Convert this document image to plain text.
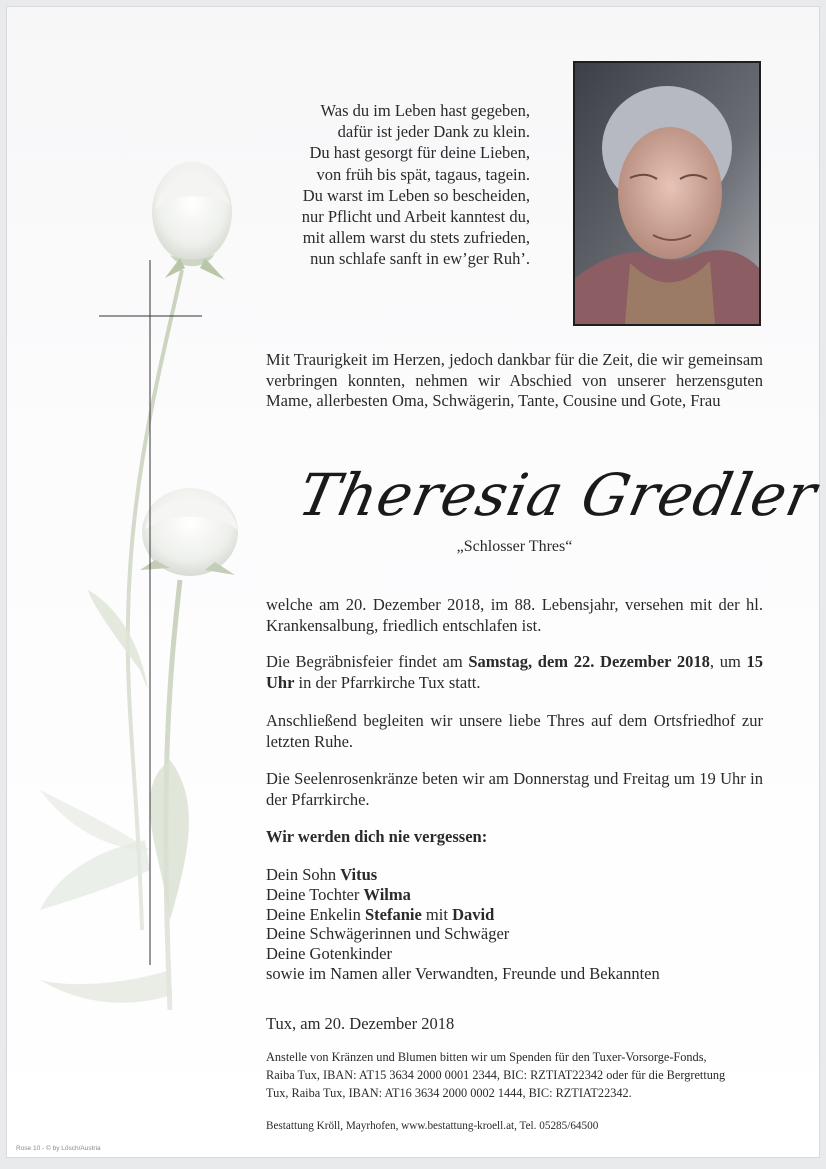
Was du im Leben hast gegeben,
dafür ist jeder Dank zu klein.
Du hast gesorgt für deine Lieben,
von früh bis spät, tagaus, tagein.
Du warst im Leben so bescheiden,
nur Pflicht und Arbeit kanntest du,
mit allem warst du stets zufrieden,
nun schlafe sanft in ew’ger Ruh’.
Mit Traurigkeit im Herzen, jedoch dankbar für die Zeit, die wir gemeinsam verbringen konnten, nehmen wir Abschied von unserer herzensguten Mame, allerbesten Oma, Schwägerin, Tante, Cousine und Gote, Frau
Theresia Gredler
„Schlosser Thres“
welche am 20. Dezember 2018, im 88. Lebensjahr, versehen mit der hl. Krankensalbung, friedlich entschlafen ist.
Die Begräbnisfeier findet am Samstag, dem 22. Dezember 2018, um 15 Uhr in der Pfarrkirche Tux statt.
Anschließend begleiten wir unsere liebe Thres auf dem Ortsfriedhof zur letzten Ruhe.
Die Seelenrosenkränze beten wir am Donnerstag und Freitag um 19 Uhr in der Pfarrkirche.
Wir werden dich nie vergessen:
Dein Sohn Vitus
Deine Tochter Wilma
Deine Enkelin Stefanie mit David
Deine Schwägerinnen und Schwäger
Deine Gotenkinder
sowie im Namen aller Verwandten, Freunde und Bekannten
Tux, am 20. Dezember 2018
Anstelle von Kränzen und Blumen bitten wir um Spenden für den Tuxer-Vorsorge-Fonds,
Raiba Tux, IBAN: AT15 3634 2000 0001 2344, BIC: RZTIAT22342 oder für die Bergrettung
Tux, Raiba Tux, IBAN: AT16 3634 2000 0002 1444, BIC: RZTIAT22342.
Bestattung Kröll, Mayrhofen, www.bestattung-kroell.at, Tel. 05285/64500
Rose 10 - © by Lösch/Austria
